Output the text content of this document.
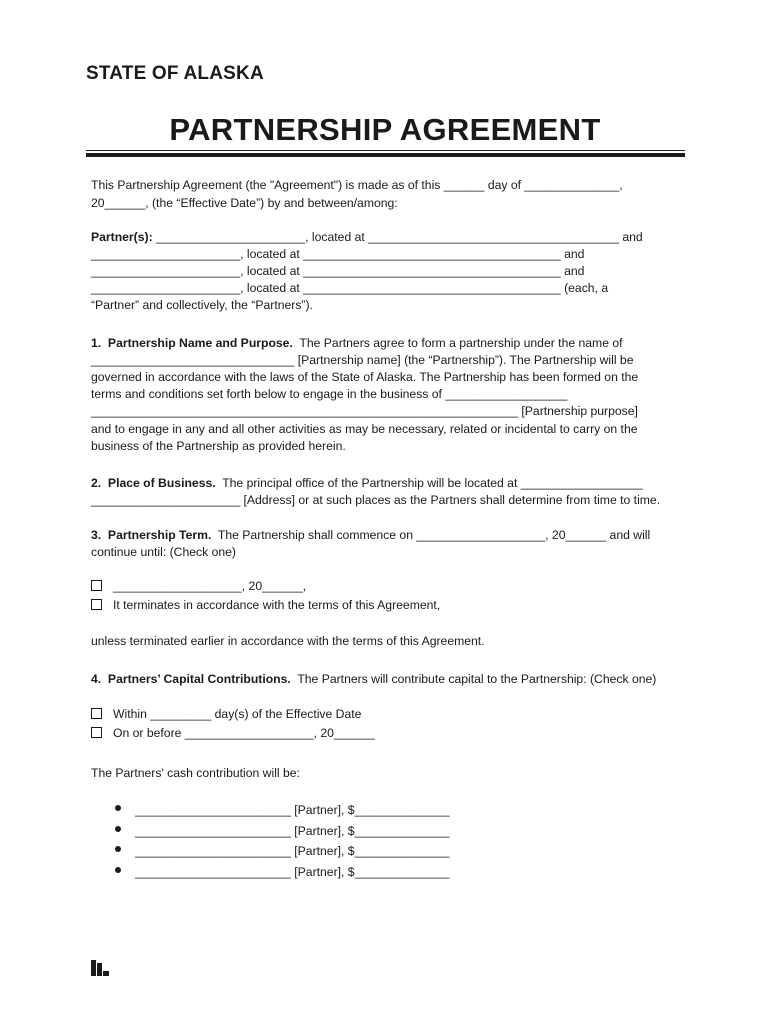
STATE OF ALASKA
PARTNERSHIP AGREEMENT
This Partnership Agreement (the "Agreement") is made as of this ______ day of ______________,
20______, (the “Effective Date”) by and between/among:
Partner(s): ______________________, located at _____________________________________ and
______________________, located at ______________________________________ and
______________________, located at ______________________________________ and
______________________, located at ______________________________________ (each, a
“Partner” and collectively, the “Partners”).
1.  Partnership Name and Purpose.  The Partners agree to form a partnership under the name of
______________________________ [Partnership name] (the “Partnership”). The Partnership will be
governed in accordance with the laws of the State of Alaska. The Partnership has been formed on the
terms and conditions set forth below to engage in the business of __________________
_______________________________________________________________ [Partnership purpose]
and to engage in any and all other activities as may be necessary, related or incidental to carry on the
business of the Partnership as provided herein.
2.  Place of Business.  The principal office of the Partnership will be located at __________________
______________________ [Address] or at such places as the Partners shall determine from time to time.
3.  Partnership Term.  The Partnership shall commence on ___________________, 20______ and will
continue until: (Check one)
___________________, 20______,
It terminates in accordance with the terms of this Agreement,
unless terminated earlier in accordance with the terms of this Agreement.
4.  Partners’ Capital Contributions.  The Partners will contribute capital to the Partnership: (Check one)
Within _________ day(s) of the Effective Date
On or before ___________________, 20______
The Partners' cash contribution will be:
_______________________ [Partner], $______________
_______________________ [Partner], $______________
_______________________ [Partner], $______________
_______________________ [Partner], $______________
